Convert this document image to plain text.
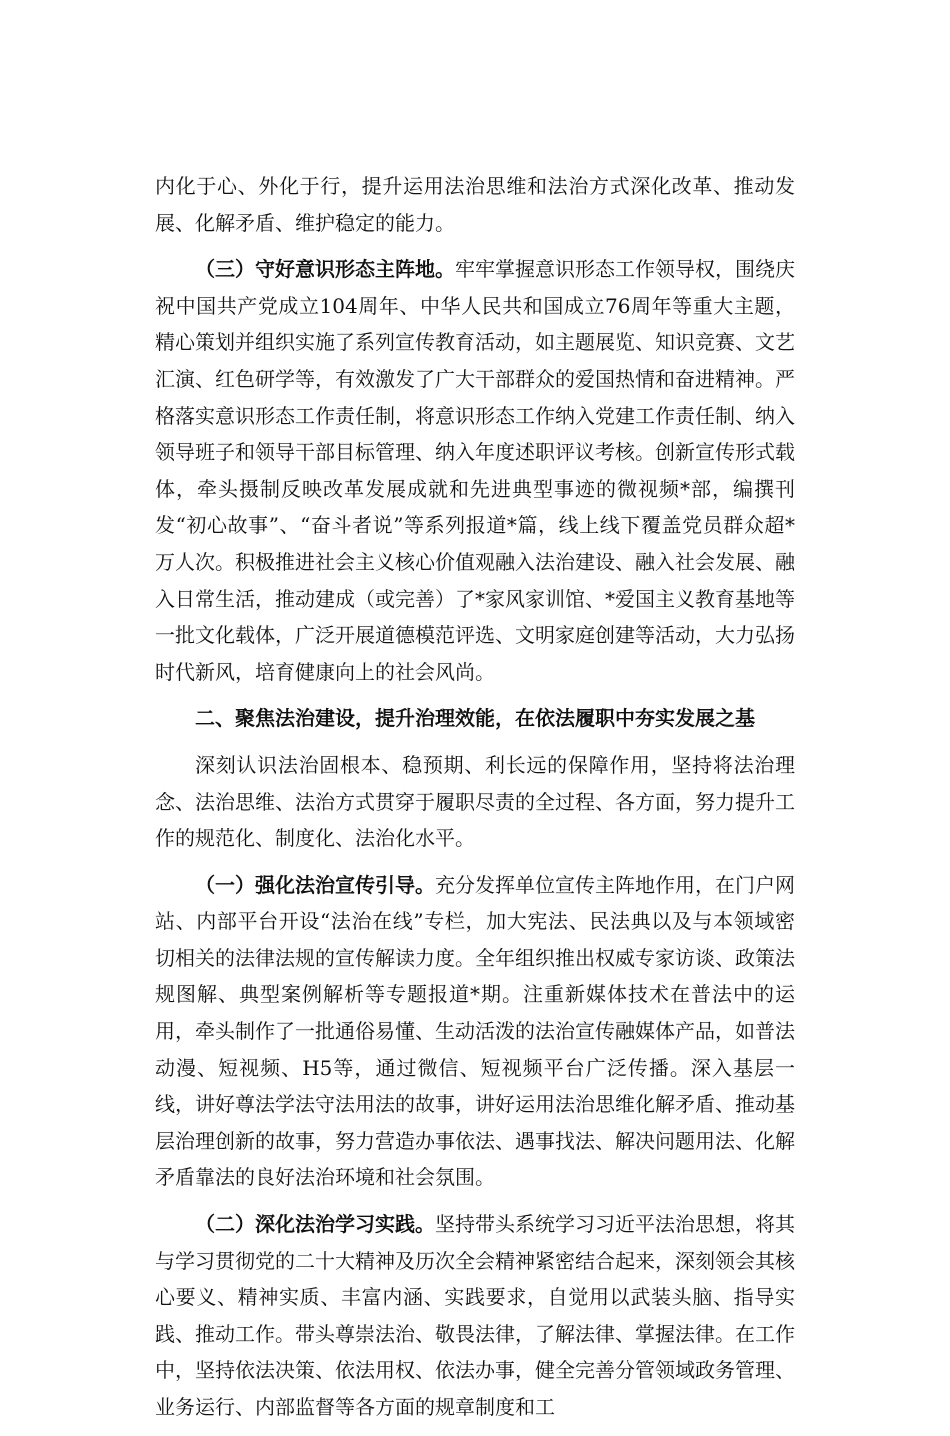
内化于心、外化于行，提升运用法治思维和法治方式深化改革、推动发展、化解矛盾、维护稳定的能力。

（三）守好意识形态主阵地。牢牢掌握意识形态工作领导权，围绕庆祝中国共产党成立104周年、中华人民共和国成立76周年等重大主题，精心策划并组织实施了系列宣传教育活动，如主题展览、知识竞赛、文艺汇演、红色研学等，有效激发了广大干部群众的爱国热情和奋进精神。严格落实意识形态工作责任制，将意识形态工作纳入党建工作责任制、纳入领导班子和领导干部目标管理、纳入年度述职评议考核。创新宣传形式载体，牵头摄制反映改革发展成就和先进典型事迹的微视频*部，编撰刊发“初心故事”、“奋斗者说”等系列报道*篇，线上线下覆盖党员群众超*万人次。积极推进社会主义核心价值观融入法治建设、融入社会发展、融入日常生活，推动建成（或完善）了*家风家训馆、*爱国主义教育基地等一批文化载体，广泛开展道德模范评选、文明家庭创建等活动，大力弘扬时代新风，培育健康向上的社会风尚。

二、聚焦法治建设，提升治理效能，在依法履职中夯实发展之基

深刻认识法治固根本、稳预期、利长远的保障作用，坚持将法治理念、法治思维、法治方式贯穿于履职尽责的全过程、各方面，努力提升工作的规范化、制度化、法治化水平。

（一）强化法治宣传引导。充分发挥单位宣传主阵地作用，在门户网站、内部平台开设“法治在线”专栏，加大宪法、民法典以及与本领域密切相关的法律法规的宣传解读力度。全年组织推出权威专家访谈、政策法规图解、典型案例解析等专题报道*期。注重新媒体技术在普法中的运用，牵头制作了一批通俗易懂、生动活泼的法治宣传融媒体产品，如普法动漫、短视频、H5等，通过微信、短视频平台广泛传播。深入基层一线，讲好尊法学法守法用法的故事，讲好运用法治思维化解矛盾、推动基层治理创新的故事，努力营造办事依法、遇事找法、解决问题用法、化解矛盾靠法的良好法治环境和社会氛围。

（二）深化法治学习实践。坚持带头系统学习习近平法治思想，将其与学习贯彻党的二十大精神及历次全会精神紧密结合起来，深刻领会其核心要义、精神实质、丰富内涵、实践要求，自觉用以武装头脑、指导实践、推动工作。带头尊崇法治、敬畏法律，了解法律、掌握法律。在工作中，坚持依法决策、依法用权、依法办事，健全完善分管领域政务管理、业务运行、内部监督等各方面的规章制度和工
